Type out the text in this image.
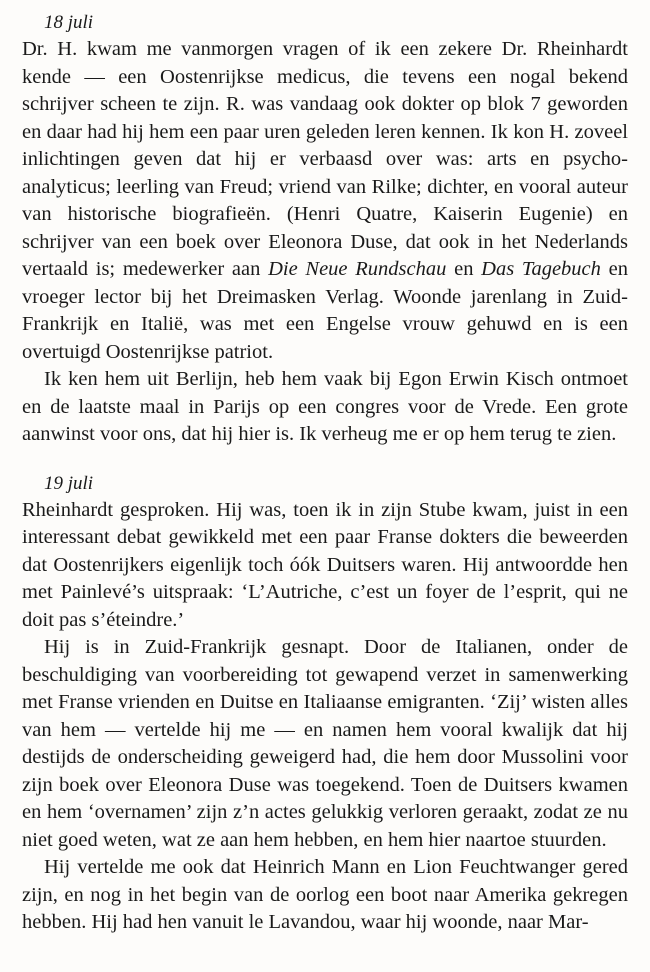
18 juli

Dr. H. kwam me vanmorgen vragen of ik een zekere Dr. Rheinhardt kende — een Oostenrijkse medicus, die tevens een nogal bekend schrijver scheen te zijn. R. was vandaag ook dokter op blok 7 geworden en daar had hij hem een paar uren geleden leren kennen. Ik kon H. zoveel inlichtingen geven dat hij er verbaasd over was: arts en psycho-analyticus; leerling van Freud; vriend van Rilke; dichter, en vooral auteur van historische biografieën. (Henri Quatre, Kaiserin Eugenie) en schrijver van een boek over Eleonora Duse, dat ook in het Nederlands vertaald is; medewerker aan Die Neue Rundschau en Das Tagebuch en vroeger lector bij het Dreimasken Verlag. Woonde jarenlang in Zuid-Frankrijk en Italië, was met een Engelse vrouw gehuwd en is een overtuigd Oostenrijkse patriot.

Ik ken hem uit Berlijn, heb hem vaak bij Egon Erwin Kisch ontmoet en de laatste maal in Parijs op een congres voor de Vrede. Een grote aanwinst voor ons, dat hij hier is. Ik verheug me er op hem terug te zien.

19 juli

Rheinhardt gesproken. Hij was, toen ik in zijn Stube kwam, juist in een interessant debat gewikkeld met een paar Franse dokters die beweerden dat Oostenrijkers eigenlijk toch óók Duitsers waren. Hij antwoordde hen met Painlevé’s uitspraak: ‘L’Autriche, c’est un foyer de l’esprit, qui ne doit pas s’éteindre.’

Hij is in Zuid-Frankrijk gesnapt. Door de Italianen, onder de beschuldiging van voorbereiding tot gewapend verzet in samenwerking met Franse vrienden en Duitse en Italiaanse emigranten. ‘Zij’ wisten alles van hem — vertelde hij me — en namen hem vooral kwalijk dat hij destijds de onderscheiding geweigerd had, die hem door Mussolini voor zijn boek over Eleonora Duse was toegekend. Toen de Duitsers kwamen en hem ‘overnamen’ zijn z’n actes gelukkig verloren geraakt, zodat ze nu niet goed weten, wat ze aan hem hebben, en hem hier naartoe stuurden.

Hij vertelde me ook dat Heinrich Mann en Lion Feuchtwanger gered zijn, en nog in het begin van de oorlog een boot naar Amerika gekregen hebben. Hij had hen vanuit le Lavandou, waar hij woonde, naar Mar-
